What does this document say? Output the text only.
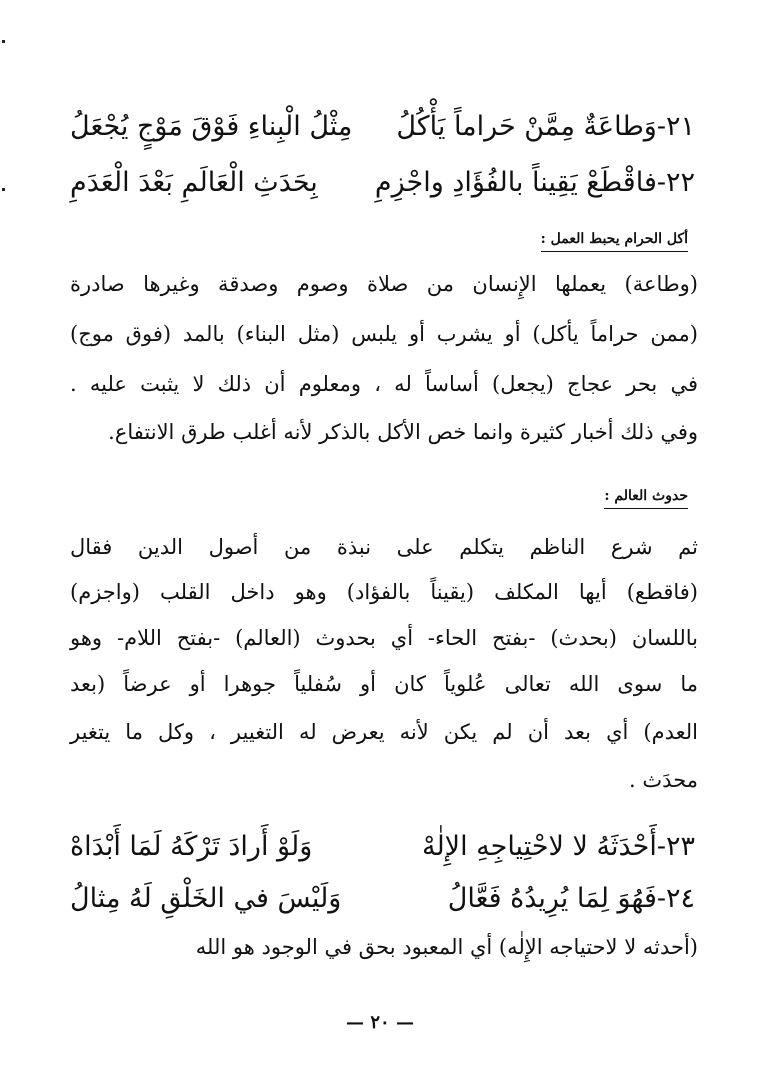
٢١-وَطاعَةٌ مِمَّنْ حَراماً يَأْكُلُ
مِثْلُ الْبِناءِ فَوْقَ مَوْجٍ يُجْعَلُ
٢٢-فاقْطَعْ يَقِيناً بالفُؤَادِ واجْزِمِ
بِحَدَثِ الْعَالَمِ بَعْدَ الْعَدَمِ
أكل الحرام يحبط العمل :
(وطاعة) يعملها الإِنسان من صلاة وصوم وصدقة وغيرها صادرة
(ممن حراماً يأكل) أو يشرب أو يلبس (مثل البناء) بالمد (فوق موج)
في بحر عجاج (يجعل) أساساً له ، ومعلوم أن ذلك لا يثبت عليه .
وفي ذلك أخبار كثيرة وانما خص الأكل بالذكر لأنه أغلب طرق الانتفاع.
حدوث العالم :
ثم شرع الناظم يتكلم على نبذة من أصول الدين فقال
(فاقطع) أيها المكلف (يقيناً بالفؤاد) وهو داخل القلب (واجزم)
باللسان (بحدث) -بفتح الحاء- أي بحدوث (العالم) -بفتح اللام- وهو
ما سوى الله تعالى عُلوياً كان أو سُفلياً جوهرا أو عرضاً (بعد
العدم) أي بعد أن لم يكن لأنه يعرض له التغيير ، وكل ما يتغير
محدَث .
٢٣-أَحْدَثَهُ لا لاحْتِياجِهِ الإِلٰهْ
وَلَوْ أَرادَ تَرْكَهُ لَمَا أَبْدَاهْ
٢٤-فَهُوَ لِمَا يُرِيدُهُ فَعَّالُ
وَلَيْسَ في الخَلْقِ لَهُ مِثالُ
(أحدثه لا لاحتياجه الإِلٰه) أي المعبود بحق في الوجود هو الله
— ٢٠ —
